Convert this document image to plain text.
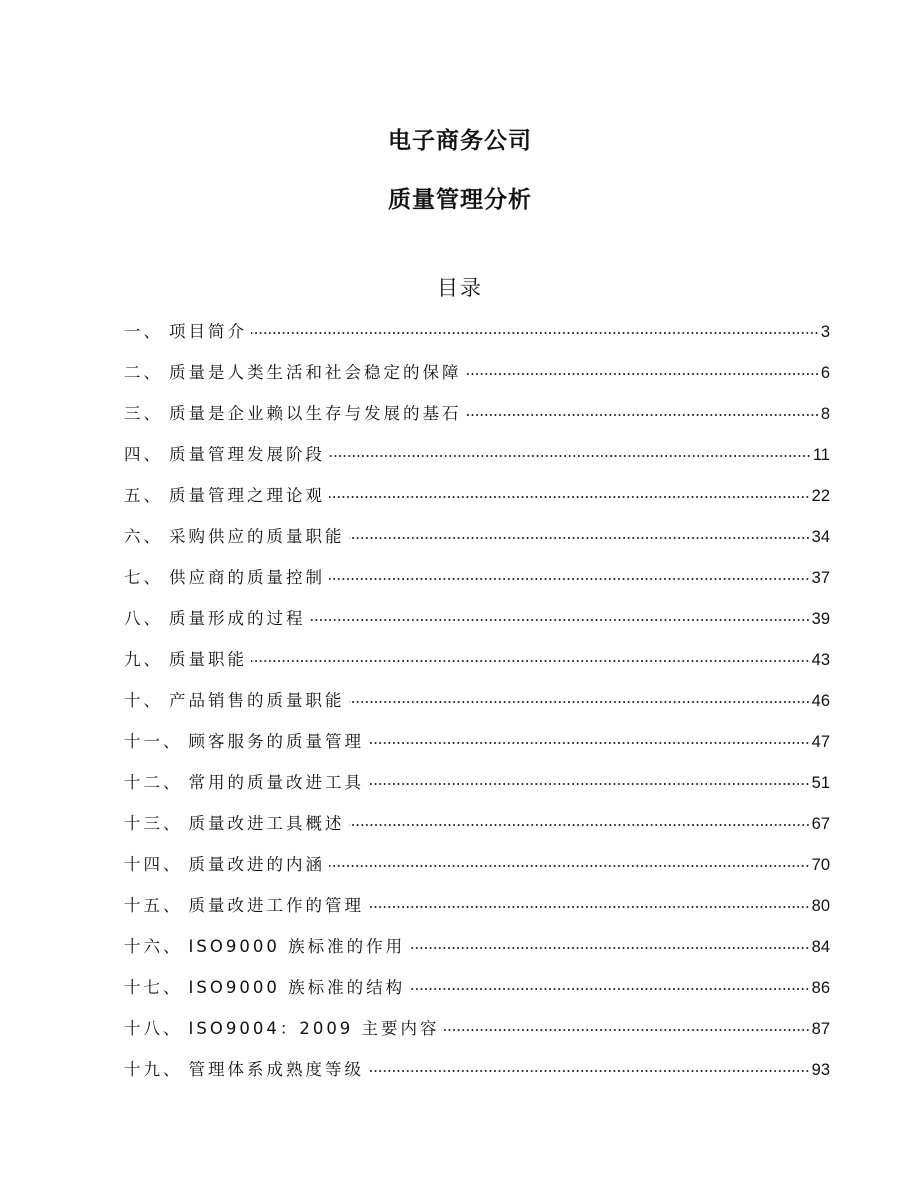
电子商务公司
质量管理分析
目录
一、 项目简介	3
二、 质量是人类生活和社会稳定的保障	6
三、 质量是企业赖以生存与发展的基石	8
四、 质量管理发展阶段	11
五、 质量管理之理论观	22
六、 采购供应的质量职能	34
七、 供应商的质量控制	37
八、 质量形成的过程	39
九、 质量职能	43
十、 产品销售的质量职能	46
十一、 顾客服务的质量管理	47
十二、 常用的质量改进工具	51
十三、 质量改进工具概述	67
十四、 质量改进的内涵	70
十五、 质量改进工作的管理	80
十六、 ISO9000 族标准的作用	84
十七、 ISO9000 族标准的结构	86
十八、 ISO9004：2009 主要内容	87
十九、 管理体系成熟度等级	93
